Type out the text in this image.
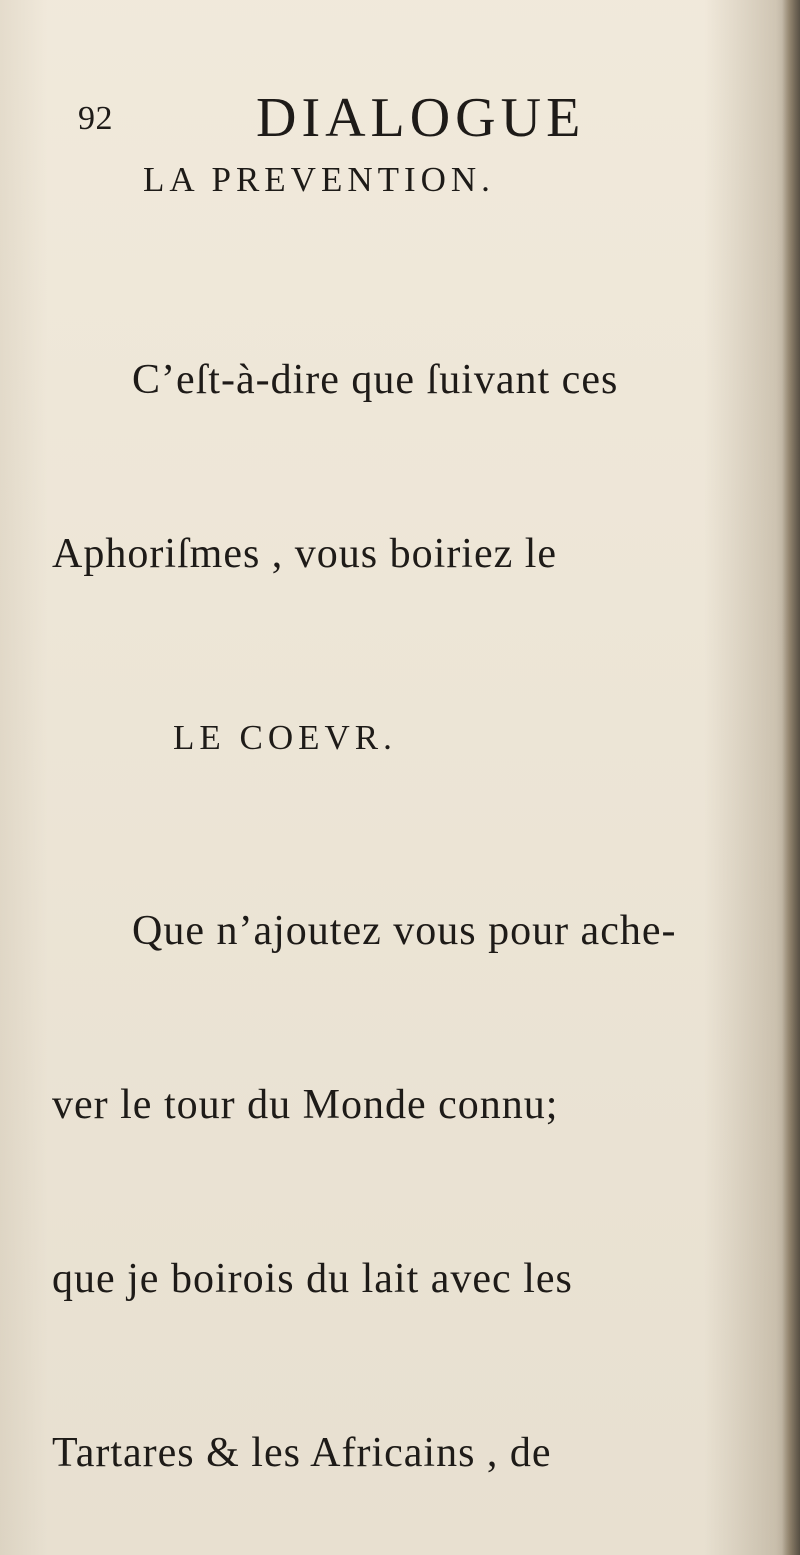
92	DIALOGUE
LA PREVENTION.

C’eſt-à-dire que ſuivant ces

Aphoriſmes , vous boiriez le

LE COEVR.

Que n’ajoutez vous pour ache-

ver le tour du Monde connu;

que je boirois du lait avec les

Tartares & les Africains , de
